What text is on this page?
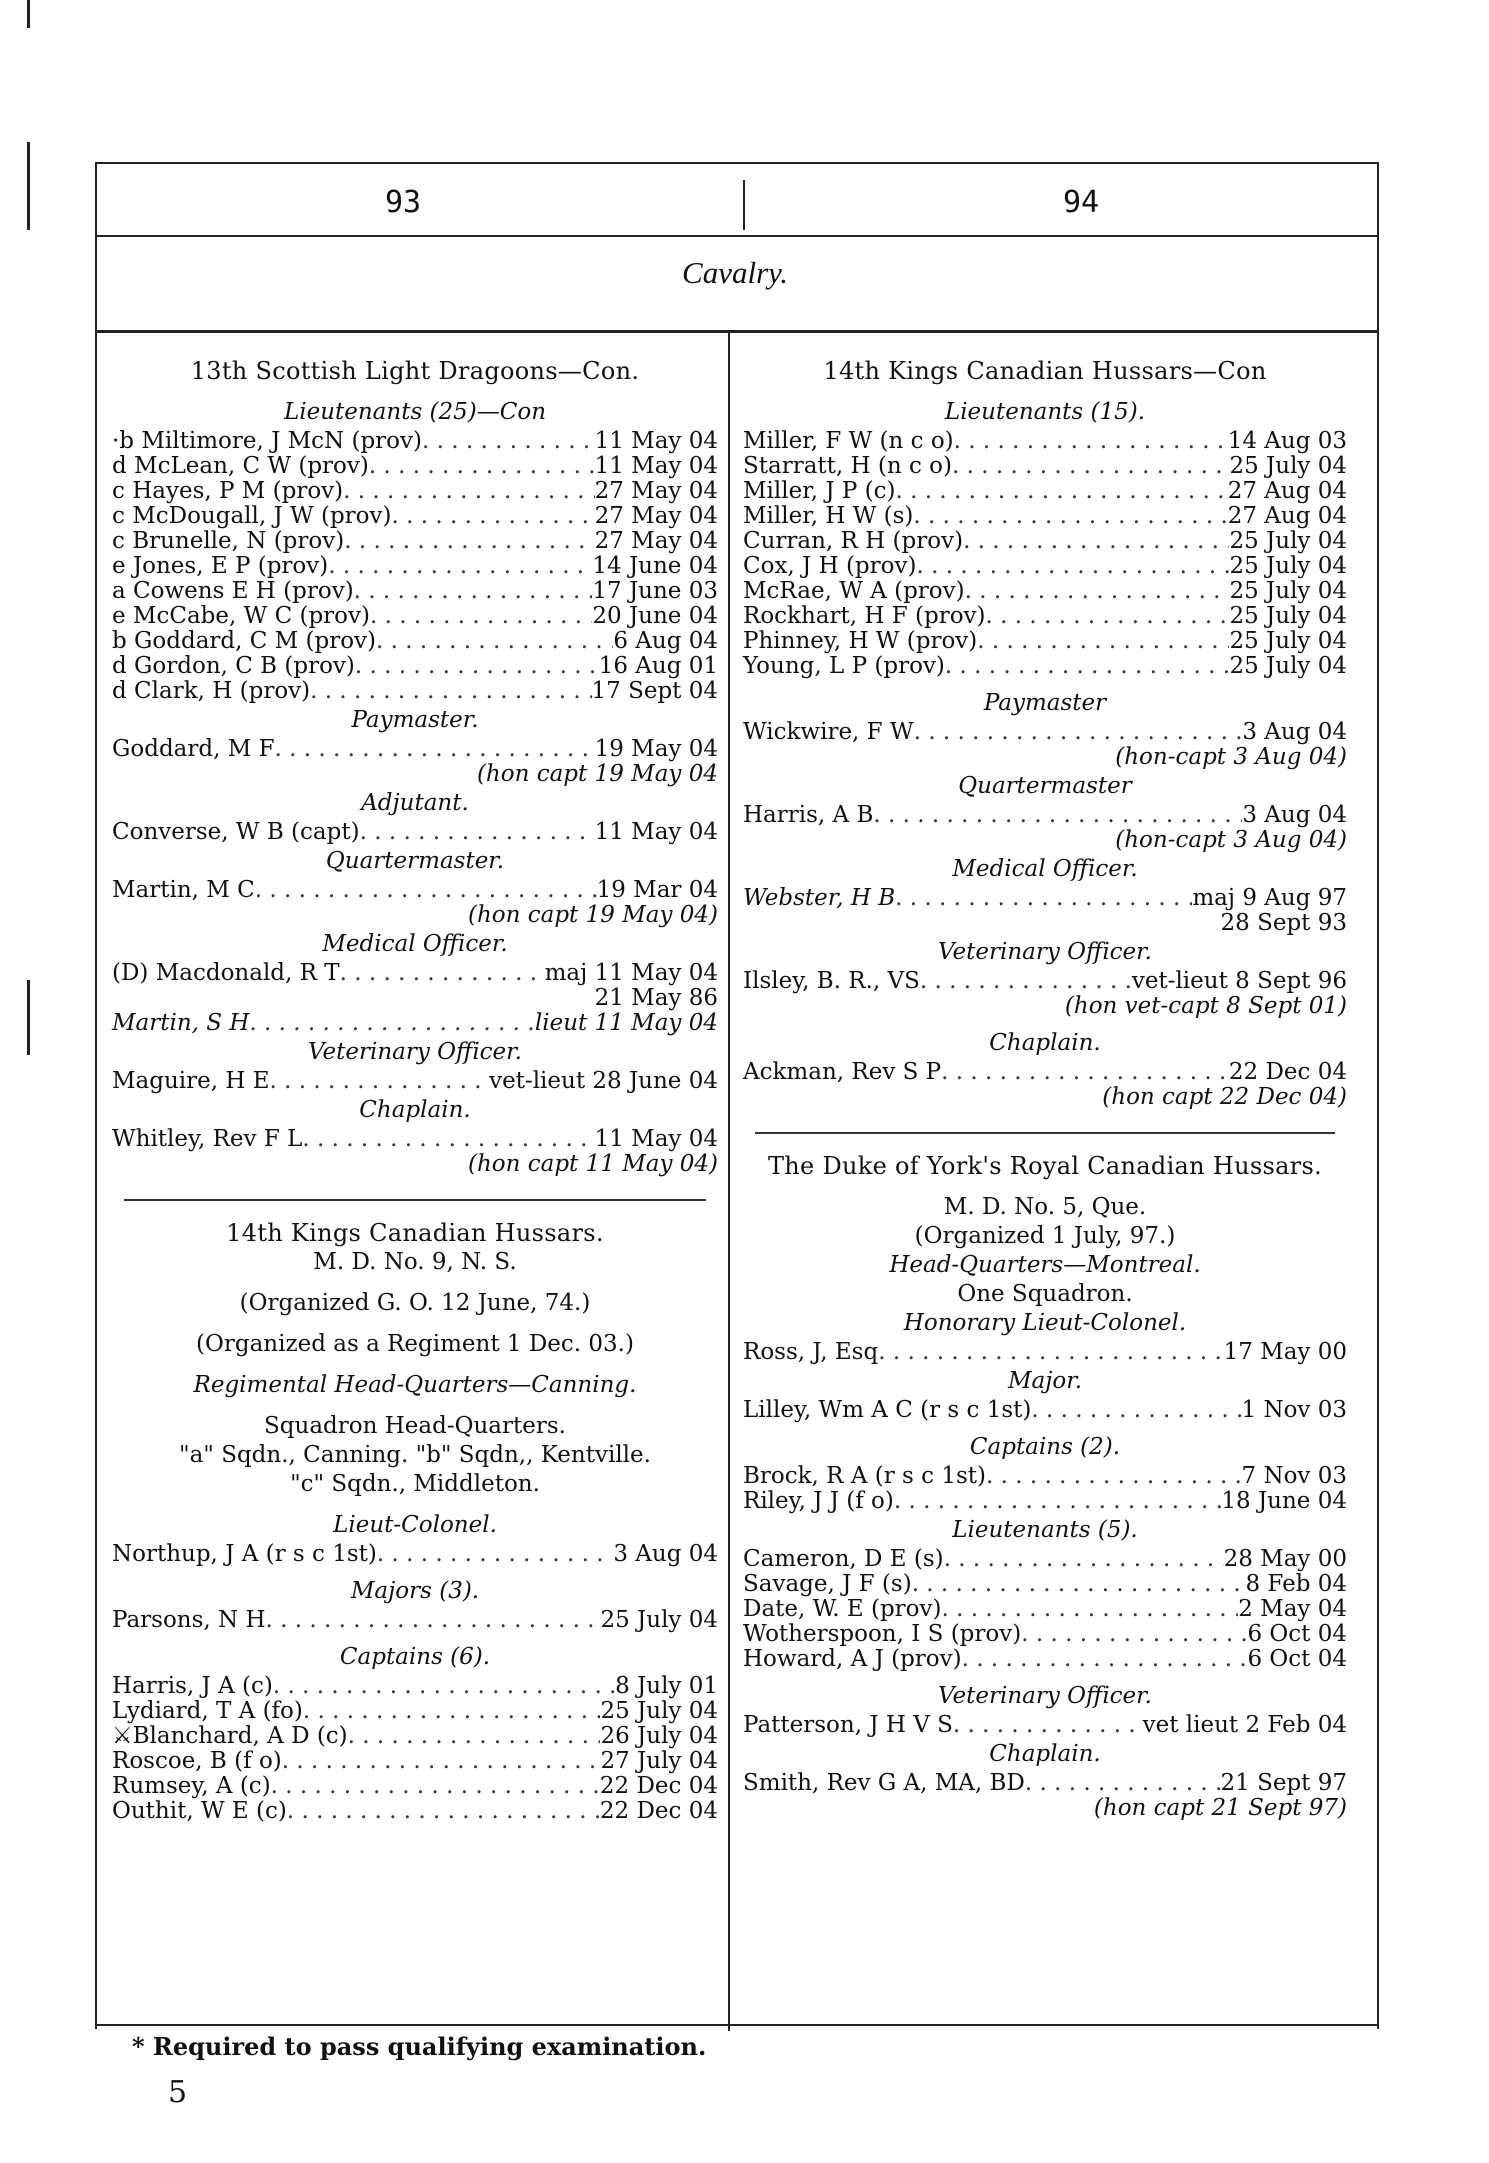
93	94
Cavalry.
13th Scottish Light Dragoons—Con.
Lieutenants (25)—Con
·b Miltimore, J McN (prov) . . .	11 May 04
d McLean, C W (prov) . . .	11 May 04
c Hayes, P M (prov) . . .	27 May 04
c McDougall, J W (prov) . . .	27 May 04
c Brunelle, N (prov) . . .	27 May 04
e Jones, E P (prov) . . .	14 June 04
a Cowens E H (prov) . . .	17 June 03
e McCabe, W C (prov) . . .	20 June 04
b Goddard, C M (prov) . . .	6 Aug 04
d Gordon, C B (prov) . . .	16 Aug 01
d Clark, H (prov) . . .	17 Sept 04
Paymaster.
Goddard, M F . . .	19 May 04
(hon capt 19 May 04
Adjutant.
Converse, W B (capt) . . .	11 May 04
Quartermaster.
Martin, M C . . .	19 Mar 04
(hon capt 19 May 04)
Medical Officer.
(D) Macdonald, R T . . .	maj 11 May 04
21 May 86
Martin, S H . . .	lieut 11 May 04
Veterinary Officer.
Maguire, H E . . .	vet-lieut 28 June 04
Chaplain.
Whitley, Rev F L . . .	11 May 04
(hon capt 11 May 04)
14th Kings Canadian Hussars.
M. D. No. 9, N. S.
(Organized G. O. 12 June, 74.)
(Organized as a Regiment 1 Dec. 03.)
Regimental Head-Quarters—Canning.
Squadron Head-Quarters.
"a" Sqdn., Canning. "b" Sqdn,, Kentville.
"c" Sqdn., Middleton.
Lieut-Colonel.
Northup, J A (r s c 1st) . . .	3 Aug 04
Majors (3).
Parsons, N H . . .	25 July 04
Captains (6).
Harris, J A (c) . . .	8 July 01
Lydiard, T A (fo) . . .	25 July 04
⚔Blanchard, A D (c) . . .	26 July 04
Roscoe, B (f o) . . .	27 July 04
Rumsey, A (c) . . .	22 Dec 04
Outhit, W E (c) . . .	22 Dec 04
14th Kings Canadian Hussars—Con
Lieutenants (15).
Miller, F W (n c o) . . .	14 Aug 03
Starratt, H (n c o) . . .	25 July 04
Miller, J P (c) . . .	27 Aug 04
Miller, H W (s) . . .	27 Aug 04
Curran, R H (prov) . . .	25 July 04
Cox, J H (prov) . . .	25 July 04
McRae, W A (prov) . . .	25 July 04
Rockhart, H F (prov) . . .	25 July 04
Phinney, H W (prov) . . .	25 July 04
Young, L P (prov) . . .	25 July 04
Paymaster
Wickwire, F W . . .	3 Aug 04
(hon-capt 3 Aug 04)
Quartermaster
Harris, A B . . .	3 Aug 04
(hon-capt 3 Aug 04)
Medical Officer.
Webster, H B . . .	maj 9 Aug 97
28 Sept 93
Veterinary Officer.
Ilsley, B. R., VS . . .	vet-lieut 8 Sept 96
(hon vet-capt 8 Sept 01)
Chaplain.
Ackman, Rev S P . . .	22 Dec 04
(hon capt 22 Dec 04)
The Duke of York's Royal Canadian Hussars.
M. D. No. 5, Que.
(Organized 1 July, 97.)
Head-Quarters—Montreal.
One Squadron.
Honorary Lieut-Colonel.
Ross, J, Esq . . .	17 May 00
Major.
Lilley, Wm A C (r s c 1st) . . .	1 Nov 03
Captains (2).
Brock, R A (r s c 1st) . . .	7 Nov 03
Riley, J J (f o) . . .	18 June 04
Lieutenants (5).
Cameron, D E (s) . . .	28 May 00
Savage, J F (s) . . .	8 Feb 04
Date, W. E (prov) . . .	2 May 04
Wotherspoon, I S (prov) . . .	6 Oct 04
Howard, A J (prov) . . .	6 Oct 04
Veterinary Officer.
Patterson, J H V S . . .	vet lieut 2 Feb 04
Chaplain.
Smith, Rev G A, MA, BD . . .	21 Sept 97
(hon capt 21 Sept 97)
* Required to pass qualifying examination.
5
